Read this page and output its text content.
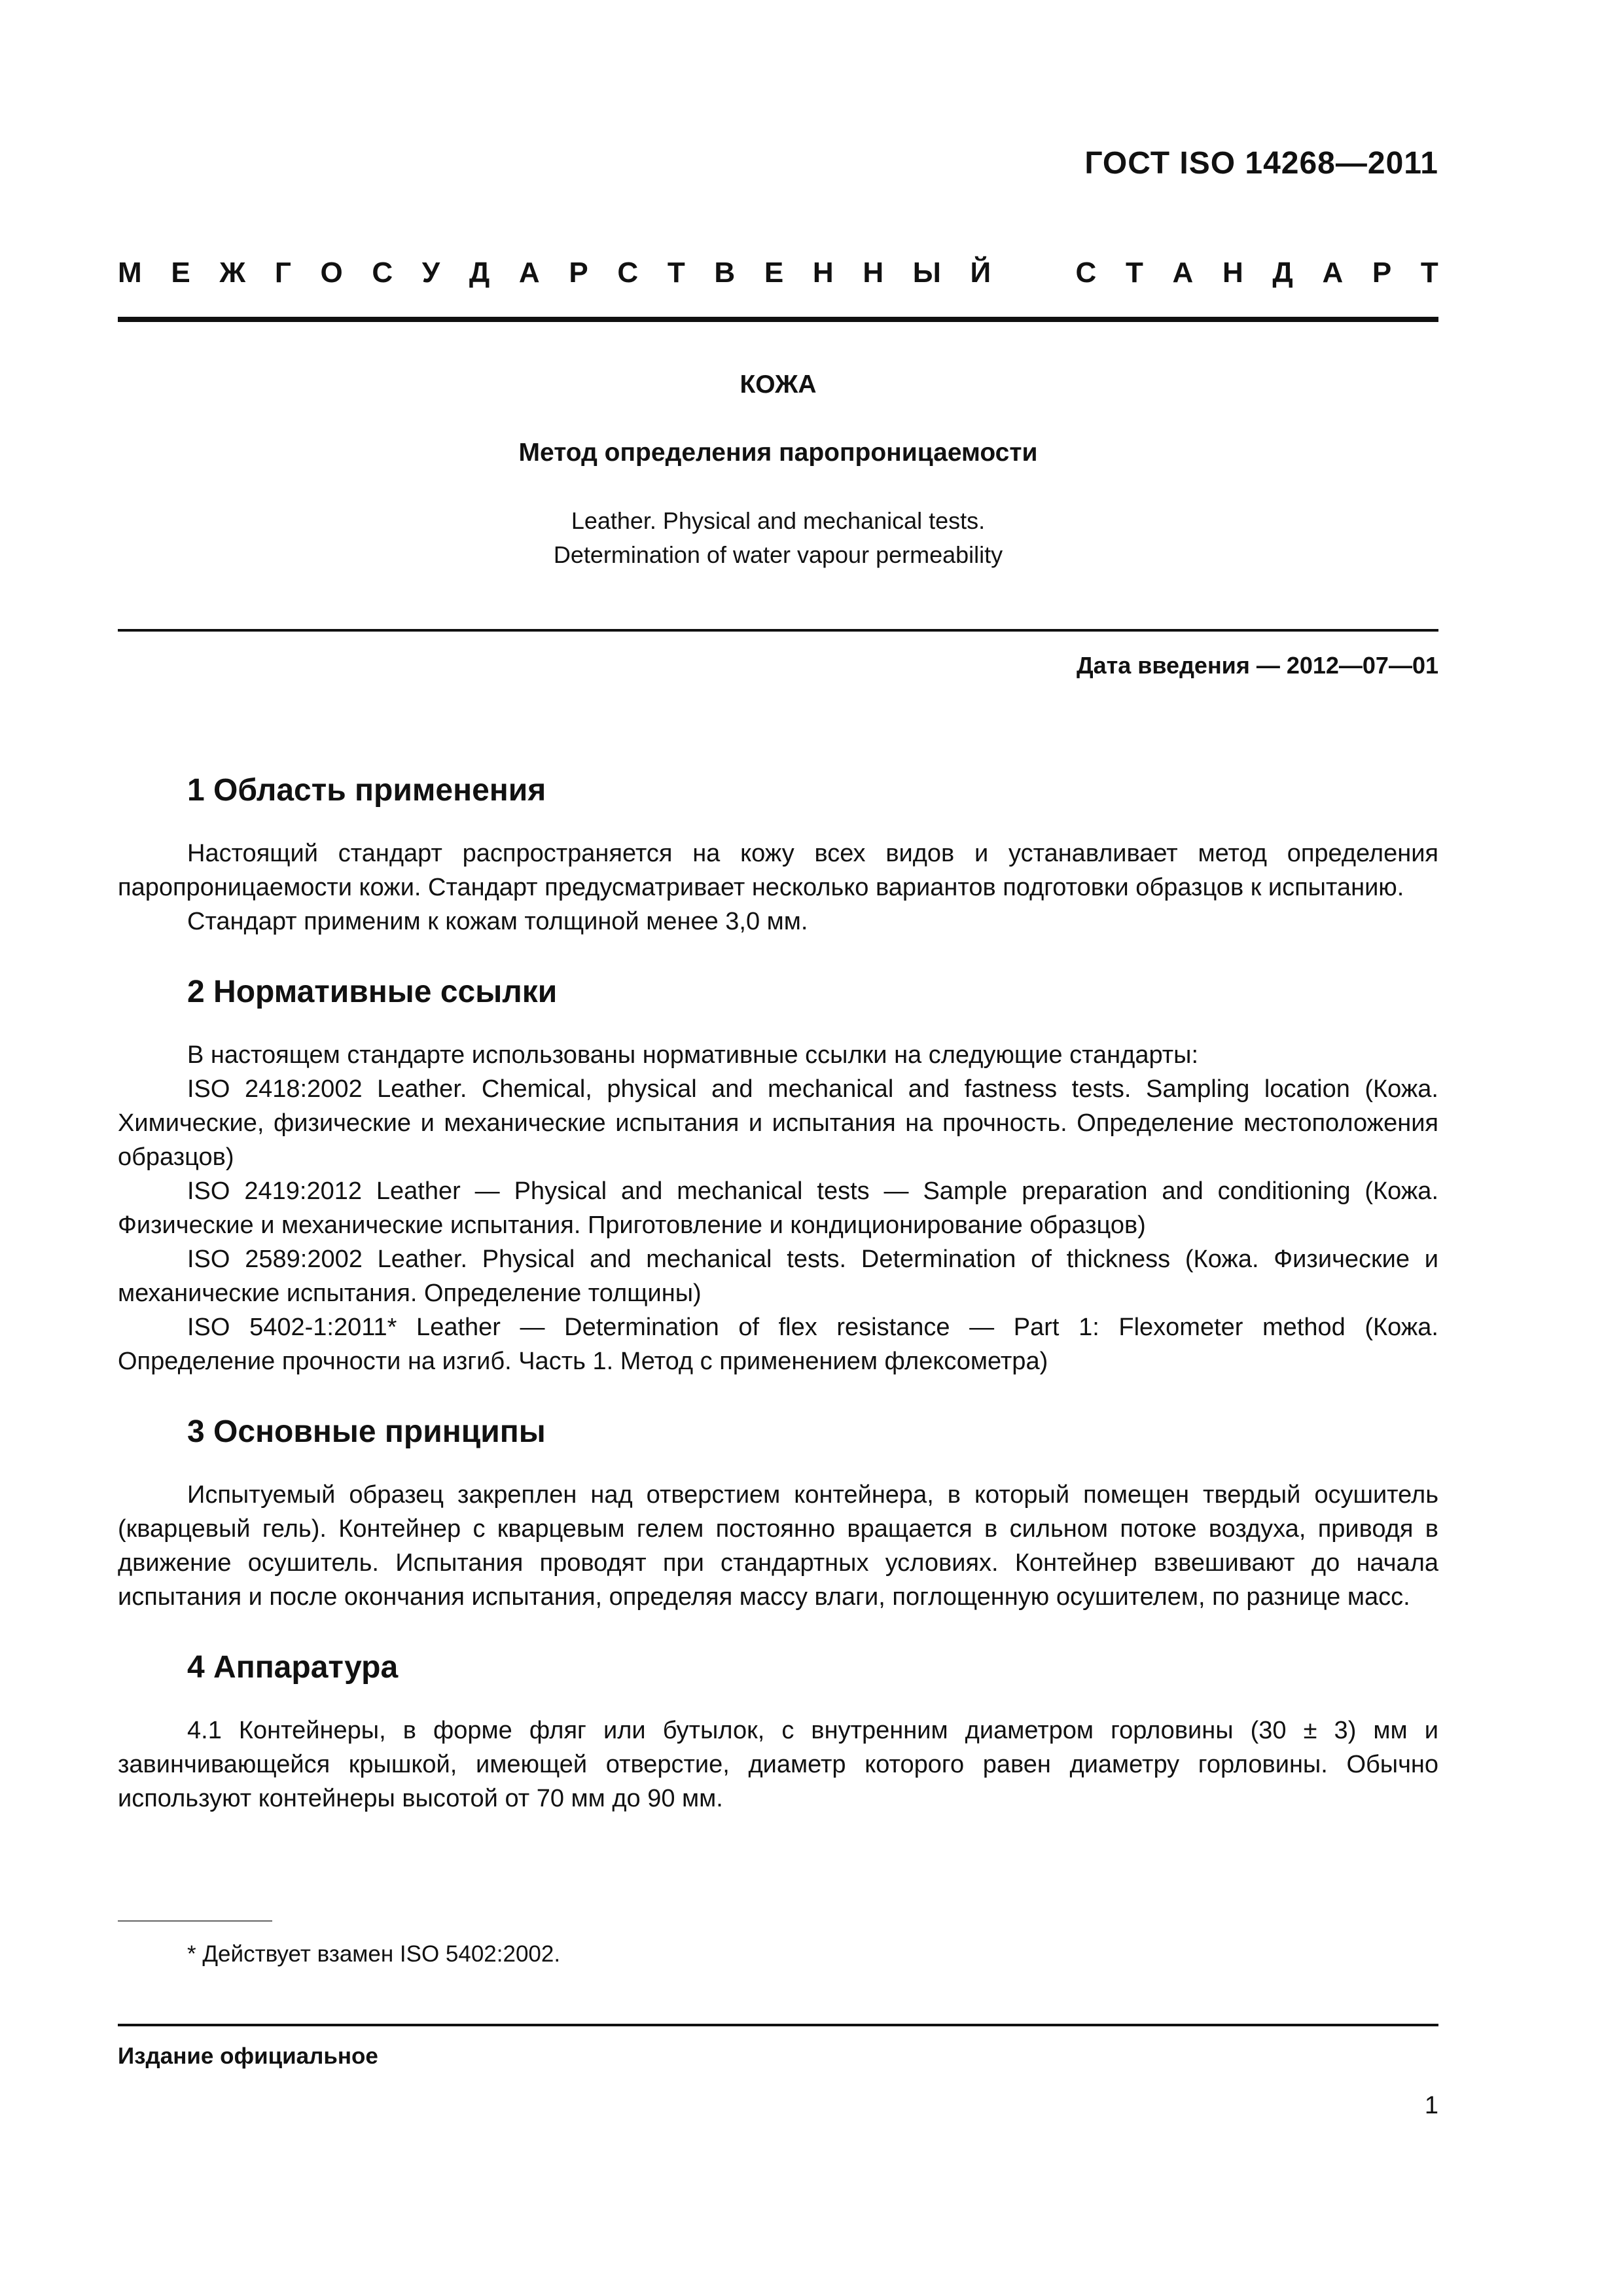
ГОСТ ISO 14268—2011
М Е Ж Г О С У Д А Р С Т В Е Н Н Ы Й	С Т А Н Д А Р Т
КОЖА
Метод определения паропроницаемости
Leather. Physical and mechanical tests.
Determination of water vapour permeability
Дата введения — 2012—07—01
1 Область применения

Настоящий стандарт распространяется на кожу всех видов и устанавливает метод определения паропроницаемости кожи. Стандарт предусматривает несколько вариантов подготовки образцов к испытанию.

Стандарт применим к кожам толщиной менее 3,0 мм.

2 Нормативные ссылки

В настоящем стандарте использованы нормативные ссылки на следующие стандарты:

ISO 2418:2002 Leather. Chemical, physical and mechanical and fastness tests. Sampling location (Кожа. Химические, физические и механические испытания и испытания на прочность. Определение местоположения образцов)

ISO 2419:2012 Leather — Physical and mechanical tests — Sample preparation and conditioning (Кожа. Физические и механические испытания. Приготовление и кондиционирование образцов)

ISO 2589:2002 Leather. Physical and mechanical tests. Determination of thickness (Кожа. Физические и механические испытания. Определение толщины)

ISO 5402-1:2011* Leather — Determination of flex resistance — Part 1: Flexometer method (Кожа. Определение прочности на изгиб. Часть 1. Метод с применением флексометра)

3 Основные принципы

Испытуемый образец закреплен над отверстием контейнера, в который помещен твердый осушитель (кварцевый гель). Контейнер с кварцевым гелем постоянно вращается в сильном потоке воздуха, приводя в движение осушитель. Испытания проводят при стандартных условиях. Контейнер взвешивают до начала испытания и после окончания испытания, определяя массу влаги, поглощенную осушителем, по разнице масс.

4 Аппаратура

4.1 Контейнеры, в форме фляг или бутылок, с внутренним диаметром горловины (30 ± 3) мм и завинчивающейся крышкой, имеющей отверстие, диаметр которого равен диаметру горловины. Обычно используют контейнеры высотой от 70 мм до 90 мм.

* Действует взамен ISO 5402:2002.
Издание официальное
1
